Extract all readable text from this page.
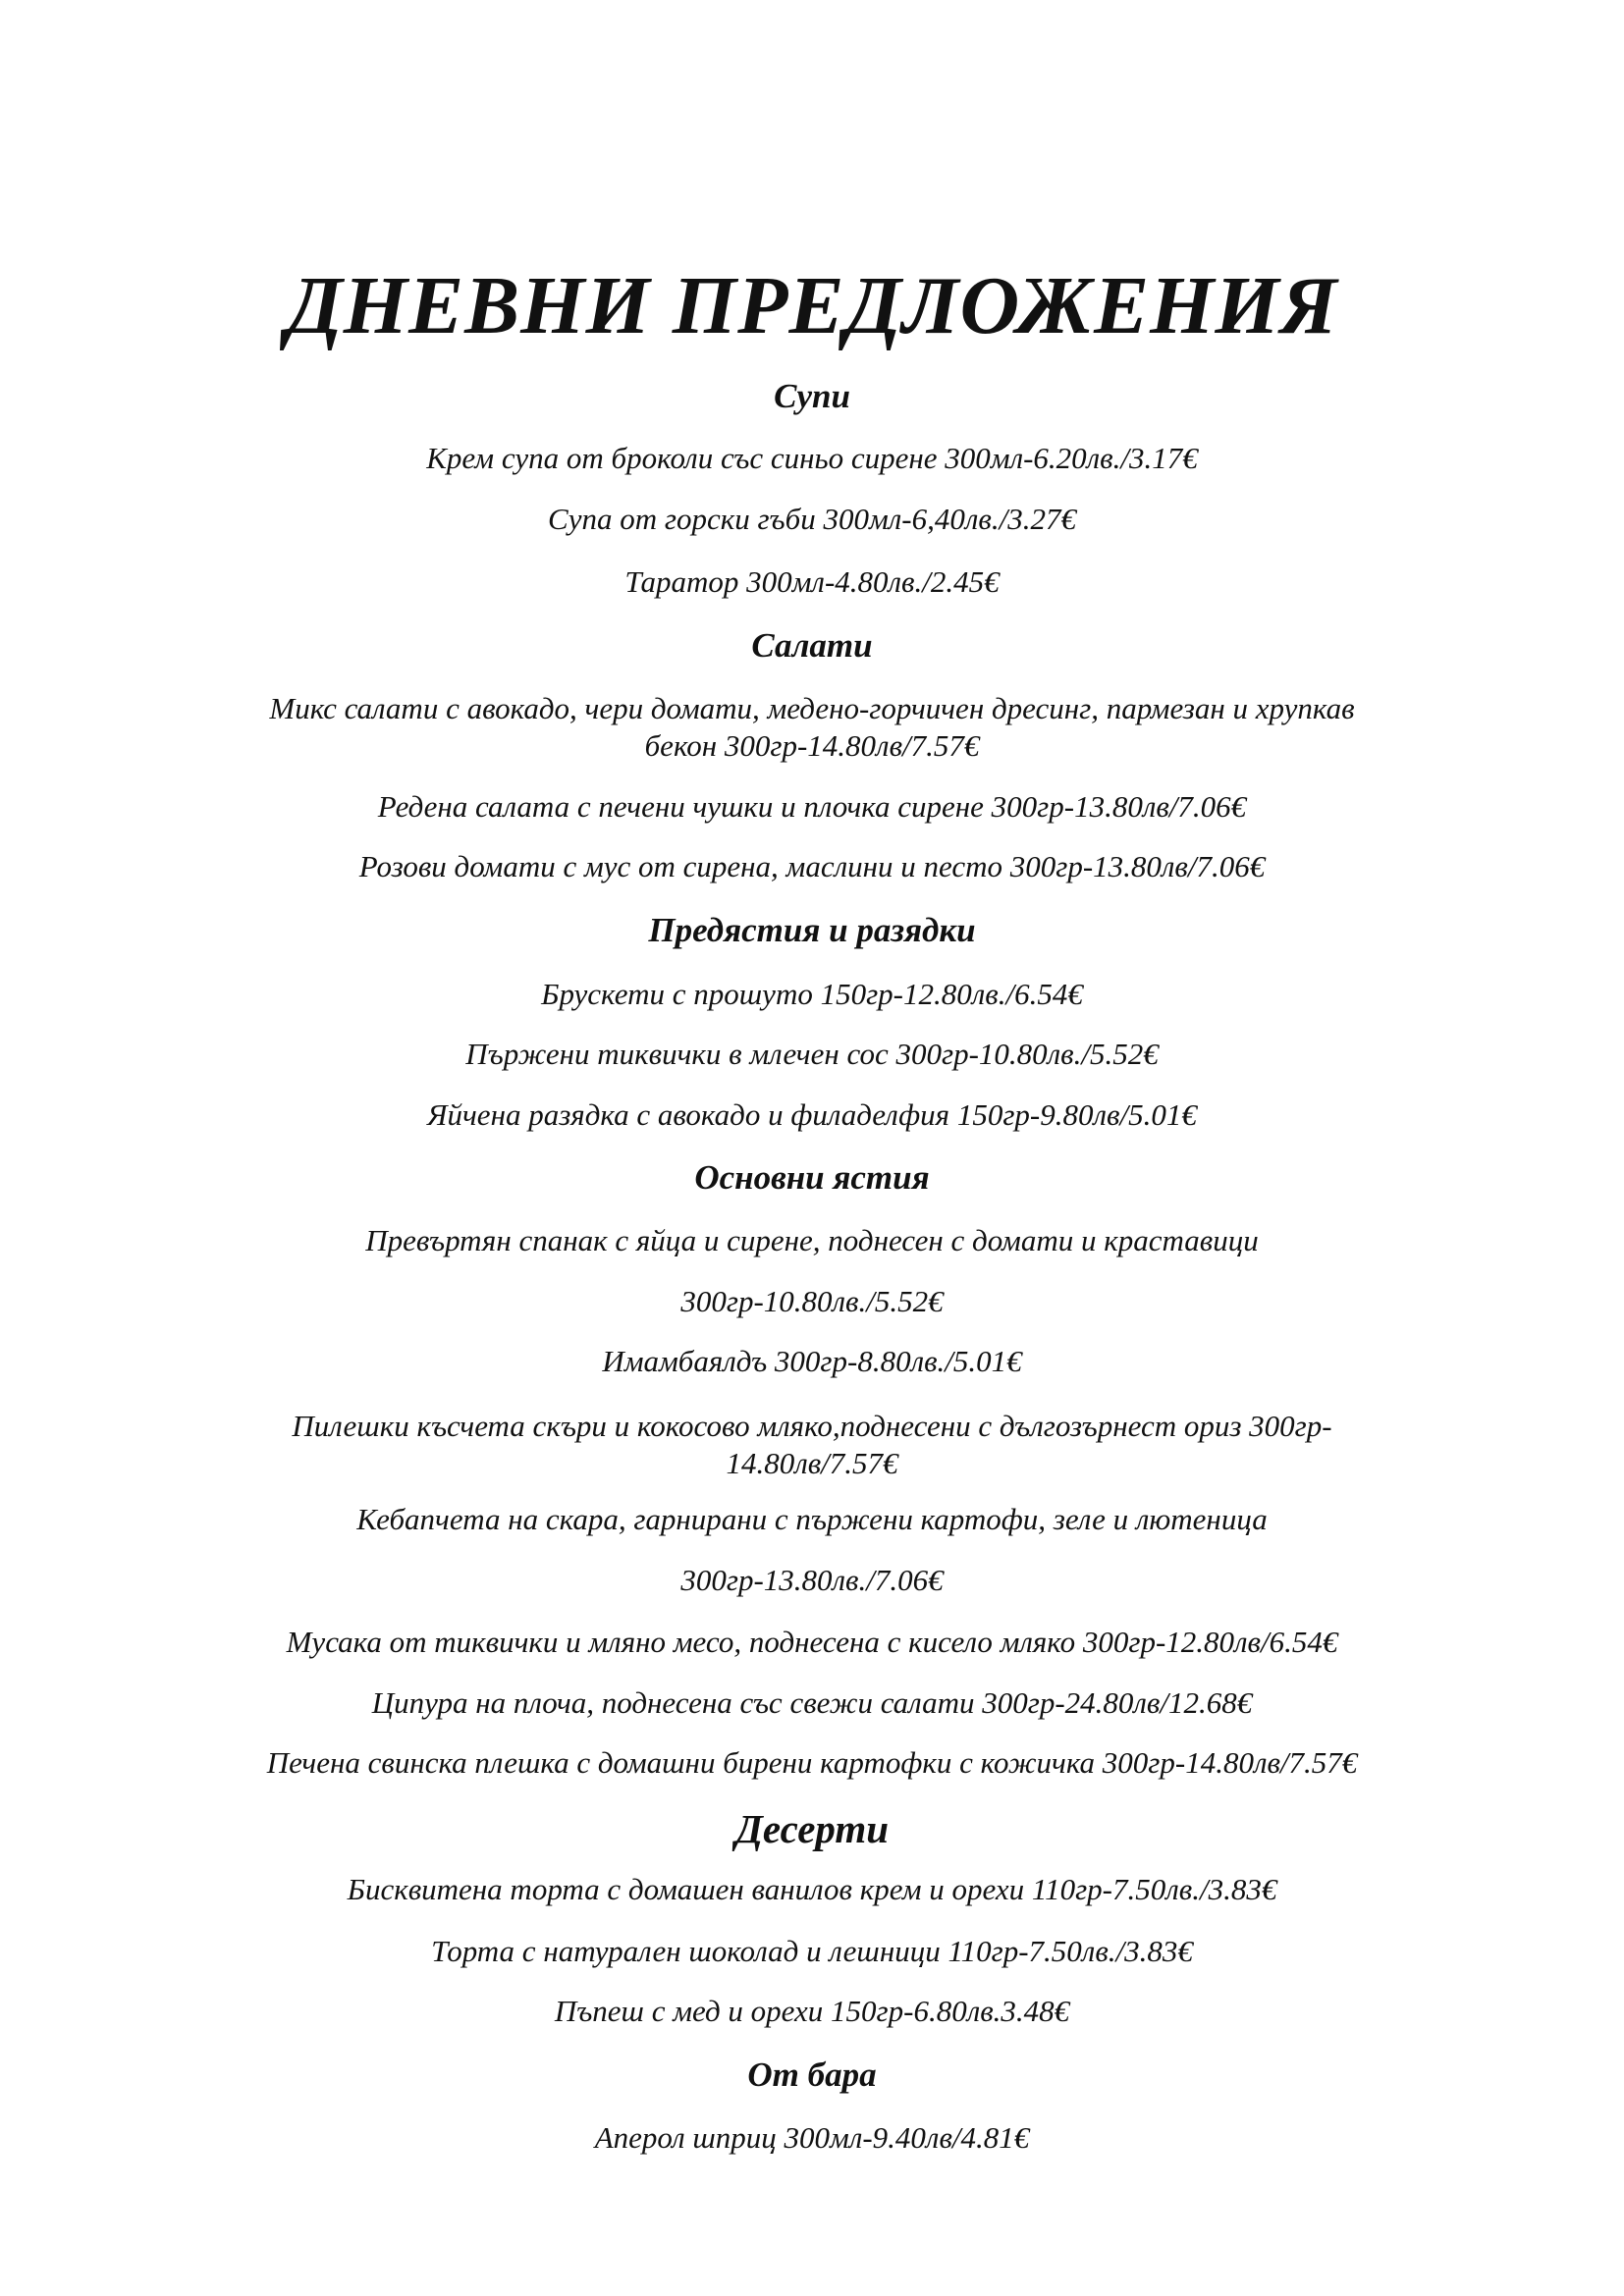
ДНЕВНИ ПРЕДЛОЖЕНИЯ
Супи
Крем супа от броколи със синьо сирене 300мл-6.20лв./3.17€
Супа от горски гъби 300мл-6,40лв./3.27€
Таратор 300мл-4.80лв./2.45€
Салати
Микс салати с авокадо, чери домати, медено-горчичен дресинг, пармезан и хрупкав
бекон 300гр-14.80лв/7.57€
Редена салата с печени чушки и плочка сирене 300гр-13.80лв/7.06€
Розови домати с мус от сирена, маслини и песто 300гр-13.80лв/7.06€
Предястия и разядки
Брускети с прошуто 150гр-12.80лв./6.54€
Пържени тиквички в млечен сос 300гр-10.80лв./5.52€
Яйчена разядка с авокадо и филаделфия 150гр-9.80лв/5.01€
Основни ястия
Превъртян спанак с яйца и сирене, поднесен с домати и краставици
300гр-10.80лв./5.52€
Имамбаялдъ 300гр-8.80лв./5.01€
Пилешки късчета скъри и кокосово мляко,поднесени с дългозърнест ориз 300гр-
14.80лв/7.57€
Кебапчета на скара, гарнирани с пържени картофи, зеле и лютеница
300гр-13.80лв./7.06€
Мусака от тиквички и мляно месо, поднесена с кисело мляко 300гр-12.80лв/6.54€
Ципура на плоча, поднесена със свежи салати 300гр-24.80лв/12.68€
Печена свинска плешка с домашни бирени картофки с кожичка 300гр-14.80лв/7.57€
Десерти
Бисквитена торта с домашен ванилов крем и орехи 110гр-7.50лв./3.83€
Торта с натурален шоколад и лешници 110гр-7.50лв./3.83€
Пъпеш с мед и орехи 150гр-6.80лв.3.48€
От бара
Аперол шприц 300мл-9.40лв/4.81€
